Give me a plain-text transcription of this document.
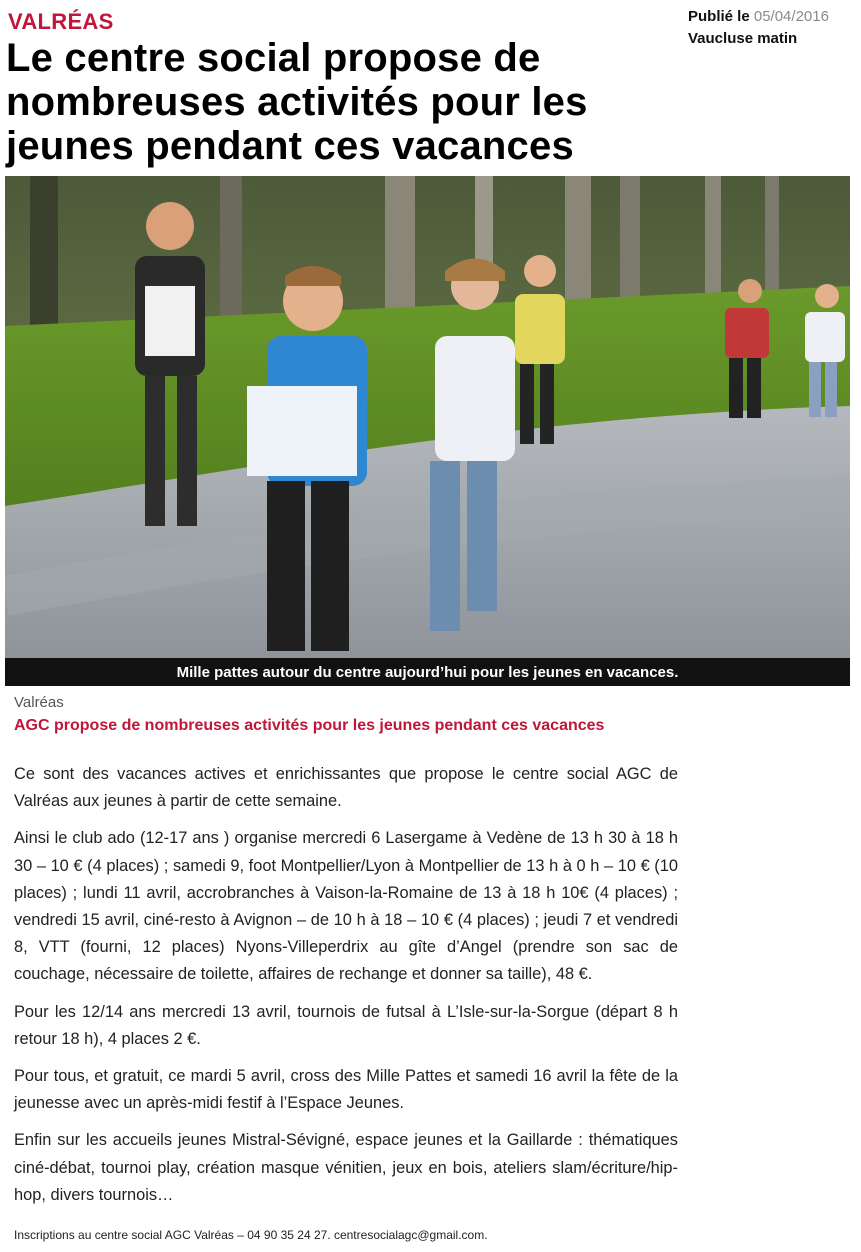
VALRÉAS	Publié le 05/04/2016
Vaucluse matin
Le centre social propose de nombreuses activités pour les jeunes pendant ces vacances
Mille pattes autour du centre aujourd’hui pour les jeunes en vacances.
Valréas
AGC propose de nombreuses activités pour les jeunes pendant ces vacances

Ce sont des vacances actives et enrichissantes que propose le centre social AGC de Valréas aux jeunes à partir de cette semaine.

Ainsi le club ado (12-17 ans ) organise mercredi 6 Lasergame à Vedène de 13 h 30 à 18 h 30 – 10 € (4 places) ; samedi 9, foot Montpellier/Lyon à Montpellier de 13 h à 0 h – 10 € (10 places) ; lundi 11 avril, accrobranches à Vaison-la-Romaine de 13 à 18 h 10€ (4 places) ; vendredi 15 avril, ciné-resto à Avignon – de 10 h à 18 – 10 € (4 places) ; jeudi 7 et vendredi 8, VTT (fourni, 12 places) Nyons-Villeperdrix au gîte d’Angel (prendre son sac de couchage, nécessaire de toilette, affaires de rechange et donner sa taille), 48 €.

Pour les 12/14 ans mercredi 13 avril, tournois de futsal à L’Isle-sur-la-Sorgue (départ 8 h retour 18 h), 4 places 2 €.

Pour tous, et gratuit, ce mardi 5 avril, cross des Mille Pattes et samedi 16 avril la fête de la jeunesse avec un après-midi festif à l’Espace Jeunes.

Enfin sur les accueils jeunes Mistral-Sévigné, espace jeunes et la Gaillarde : thématiques ciné-débat, tournoi play, création masque vénitien, jeux en bois, ateliers slam/écriture/hip-hop, divers tournois…

Inscriptions au centre social AGC Valréas – 04 90 35 24 27. centresocialagc@gmail.com.
